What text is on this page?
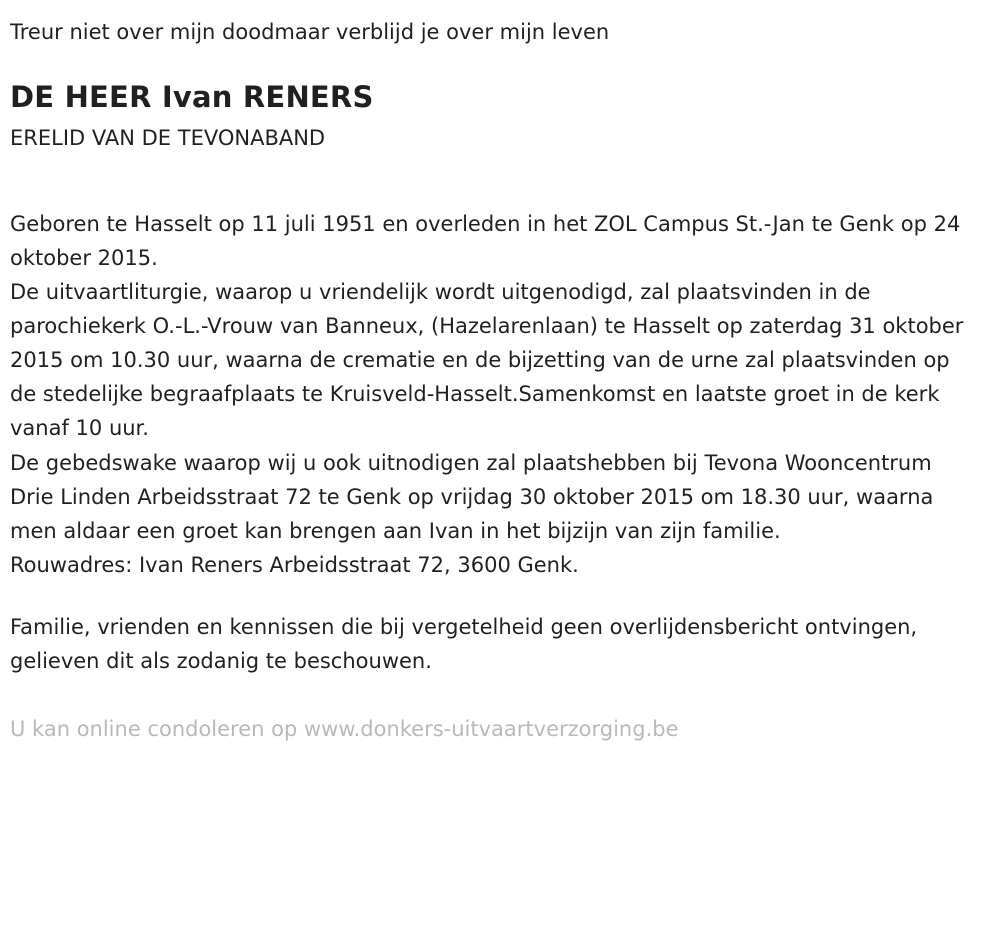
Treur niet over mijn doodmaar verblijd je over mijn leven
DE HEER Ivan RENERS
ERELID VAN DE TEVONABAND

Geboren te Hasselt op 11 juli 1951 en overleden in het ZOL Campus St.-Jan te Genk op 24 oktober 2015.

De uitvaartliturgie, waarop u vriendelijk wordt uitgenodigd, zal plaatsvinden in de parochiekerk O.-L.-Vrouw van Banneux, (Hazelarenlaan) te Hasselt op zaterdag 31 oktober 2015 om 10.30 uur, waarna de crematie en de bijzetting van de urne zal plaatsvinden op de stedelijke begraafplaats te Kruisveld-Hasselt.Samenkomst en laatste groet in de kerk vanaf 10 uur.

De gebedswake waarop wij u ook uitnodigen zal plaatshebben bij Tevona Wooncentrum Drie Linden Arbeidsstraat 72 te Genk op vrijdag 30 oktober 2015 om 18.30 uur, waarna men aldaar een groet kan brengen aan Ivan in het bijzijn van zijn familie.

Rouwadres: Ivan Reners Arbeidsstraat 72, 3600 Genk.

Familie, vrienden en kennissen die bij vergetelheid geen overlijdensbericht ontvingen, gelieven dit als zodanig te beschouwen.
U kan online condoleren op www.donkers-uitvaartverzorging.be
